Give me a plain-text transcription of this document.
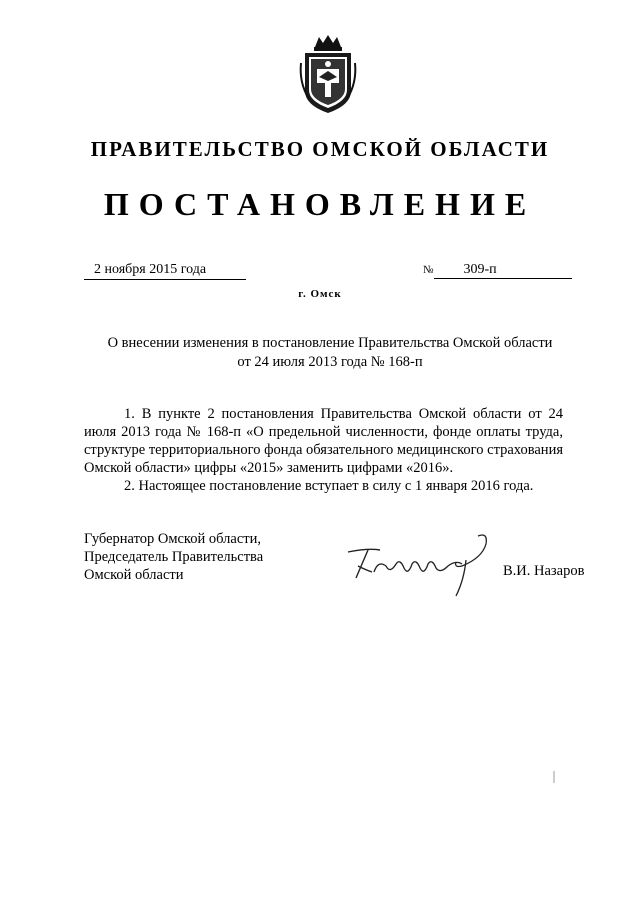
ПРАВИТЕЛЬСТВО ОМСКОЙ ОБЛАСТИ
ПОСТАНОВЛЕНИЕ
2 ноября 2015 года	№ 309-п
г. Омск
О внесении изменения в постановление Правительства Омской области
от 24 июля 2013 года № 168-п

1. В пункте 2 постановления Правительства Омской области от 24 июля 2013 года № 168-п «О предельной численности, фонде оплаты труда, структуре территориального фонда обязательного медицинского страхования Омской области» цифры «2015» заменить цифрами «2016».

2. Настоящее постановление вступает в силу с 1 января 2016 года.

Губернатор Омской области,
Председатель Правительства
Омской области	В.И. Назаров
